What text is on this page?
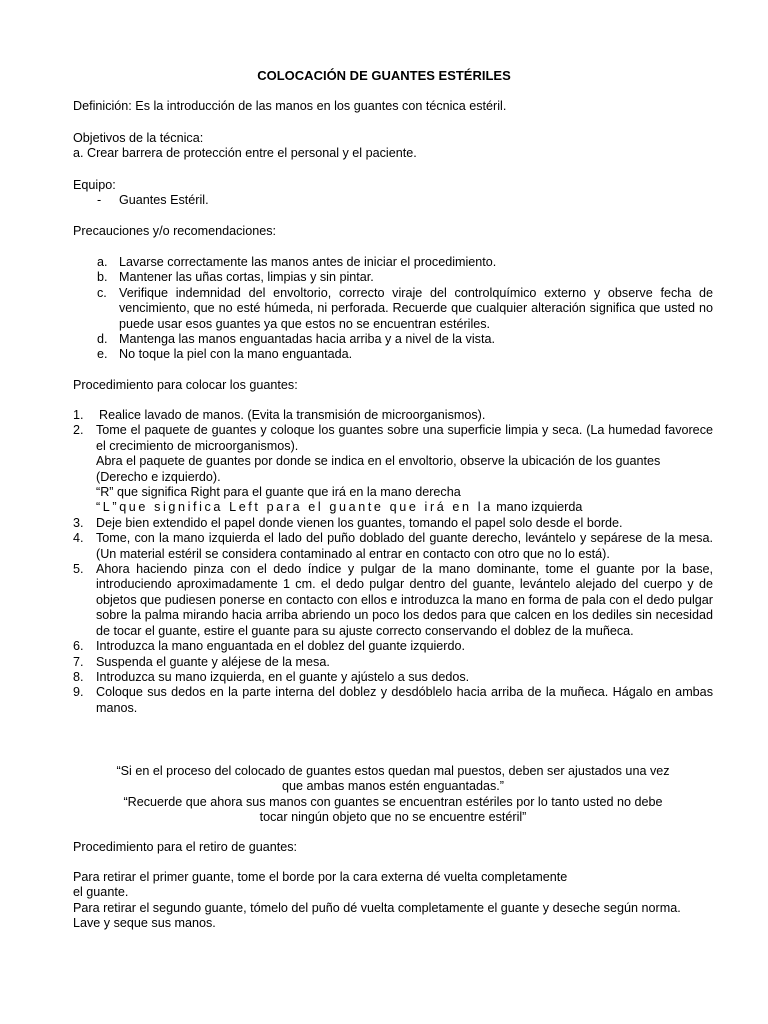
COLOCACIÓN DE GUANTES ESTÉRILES
Definición: Es la introducción de las manos en los guantes con técnica estéril.
Objetivos de la técnica:
a. Crear barrera de protección entre el personal y el paciente.
Equipo:
- Guantes Estéril.
Precauciones y/o recomendaciones:
a. Lavarse correctamente las manos antes de iniciar el procedimiento.
b. Mantener las uñas cortas, limpias y sin pintar.
c. Verifique indemnidad del envoltorio, correcto viraje del controlquímico externo y observe fecha de vencimiento, que no esté húmeda, ni perforada. Recuerde que cualquier alteración significa que usted no puede usar esos guantes ya que estos no se encuentran estériles.
d. Mantenga las manos enguantadas hacia arriba y a nivel de la vista.
e. No toque la piel con la mano enguantada.
Procedimiento para colocar los guantes:
1. Realice lavado de manos. (Evita la transmisión de microorganismos).
2. Tome el paquete de guantes y coloque los guantes sobre una superficie limpia y seca. (La humedad favorece el crecimiento de microorganismos).
Abra el paquete de guantes por donde se indica en el envoltorio, observe la ubicación de los guantes (Derecho e izquierdo).
“R” que significa Right para el guante que irá en la mano derecha
“L”que significa Left para el guante que irá en la mano izquierda
3. Deje bien extendido el papel donde vienen los guantes, tomando el papel solo desde el borde.
4. Tome, con la mano izquierda el lado del puño doblado del guante derecho, levántelo y sepárese de la mesa. (Un material estéril se considera contaminado al entrar en contacto con otro que no lo está).
5. Ahora haciendo pinza con el dedo índice y pulgar de la mano dominante, tome el guante por la base, introduciendo aproximadamente 1 cm. el dedo pulgar dentro del guante, levántelo alejado del cuerpo y de objetos que pudiesen ponerse en contacto con ellos e introduzca la mano en forma de pala con el dedo pulgar sobre la palma mirando hacia arriba abriendo un poco los dedos para que calcen en los dediles sin necesidad de tocar el guante, estire el guante para su ajuste correcto conservando el doblez de la muñeca.
6. Introduzca la mano enguantada en el doblez del guante izquierdo.
7. Suspenda el guante y aléjese de la mesa.
8. Introduzca su mano izquierda, en el guante y ajústelo a sus dedos.
9. Coloque sus dedos en la parte interna del doblez y desdóblelo hacia arriba de la muñeca. Hágalo en ambas manos.
“Si en el proceso del colocado de guantes estos quedan mal puestos, deben ser ajustados una vez
que ambas manos estén enguantadas.”
“Recuerde que ahora sus manos con guantes se encuentran estériles por lo tanto usted no debe
tocar ningún objeto que no se encuentre estéril”
Procedimiento para el retiro de guantes:
Para retirar el primer guante, tome el borde por la cara externa dé vuelta completamente
el guante.
Para retirar el segundo guante, tómelo del puño dé vuelta completamente el guante y deseche según norma.
Lave y seque sus manos.
